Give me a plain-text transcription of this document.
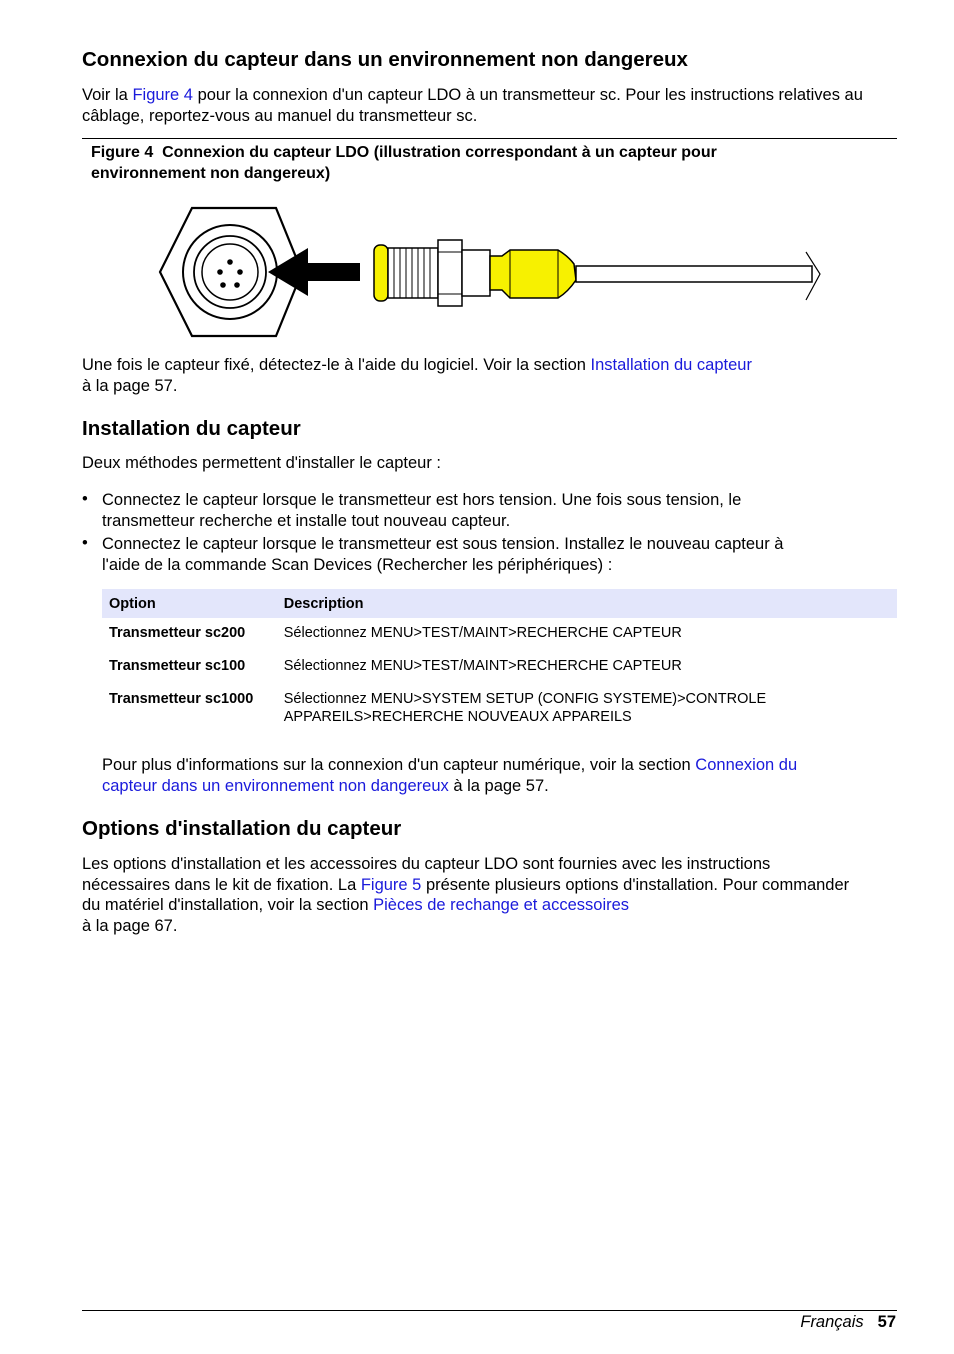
Connexion du capteur dans un environnement non dangereux
Voir la Figure 4 pour la connexion d'un capteur LDO à un transmetteur sc. Pour les instructions relatives au câblage, reportez-vous au manuel du transmetteur sc.
Figure 4 Connexion du capteur LDO (illustration correspondant à un capteur pour
environnement non dangereux)
Une fois le capteur fixé, détectez-le à l'aide du logiciel. Voir la section Installation du capteur
à la page 57.
Installation du capteur
Deux méthodes permettent d'installer le capteur :
• Connectez le capteur lorsque le transmetteur est hors tension. Une fois sous tension, le
transmetteur recherche et installe tout nouveau capteur.
• Connectez le capteur lorsque le transmetteur est sous tension. Installez le nouveau capteur à
l'aide de la commande Scan Devices (Rechercher les périphériques) :
Option	Description
Transmetteur sc200	Sélectionnez MENU>TEST/MAINT>RECHERCHE CAPTEUR
Transmetteur sc100	Sélectionnez MENU>TEST/MAINT>RECHERCHE CAPTEUR
Transmetteur sc1000	Sélectionnez MENU>SYSTEM SETUP (CONFIG SYSTEME)>CONTROLE APPAREILS>RECHERCHE NOUVEAUX APPAREILS
Pour plus d'informations sur la connexion d'un capteur numérique, voir la section Connexion du
capteur dans un environnement non dangereux à la page 57.
Options d'installation du capteur
Les options d'installation et les accessoires du capteur LDO sont fournies avec les instructions nécessaires dans le kit de fixation. La Figure 5 présente plusieurs options d'installation. Pour commander du matériel d'installation, voir la section Pièces de rechange et accessoires
à la page 67.
Français 57
